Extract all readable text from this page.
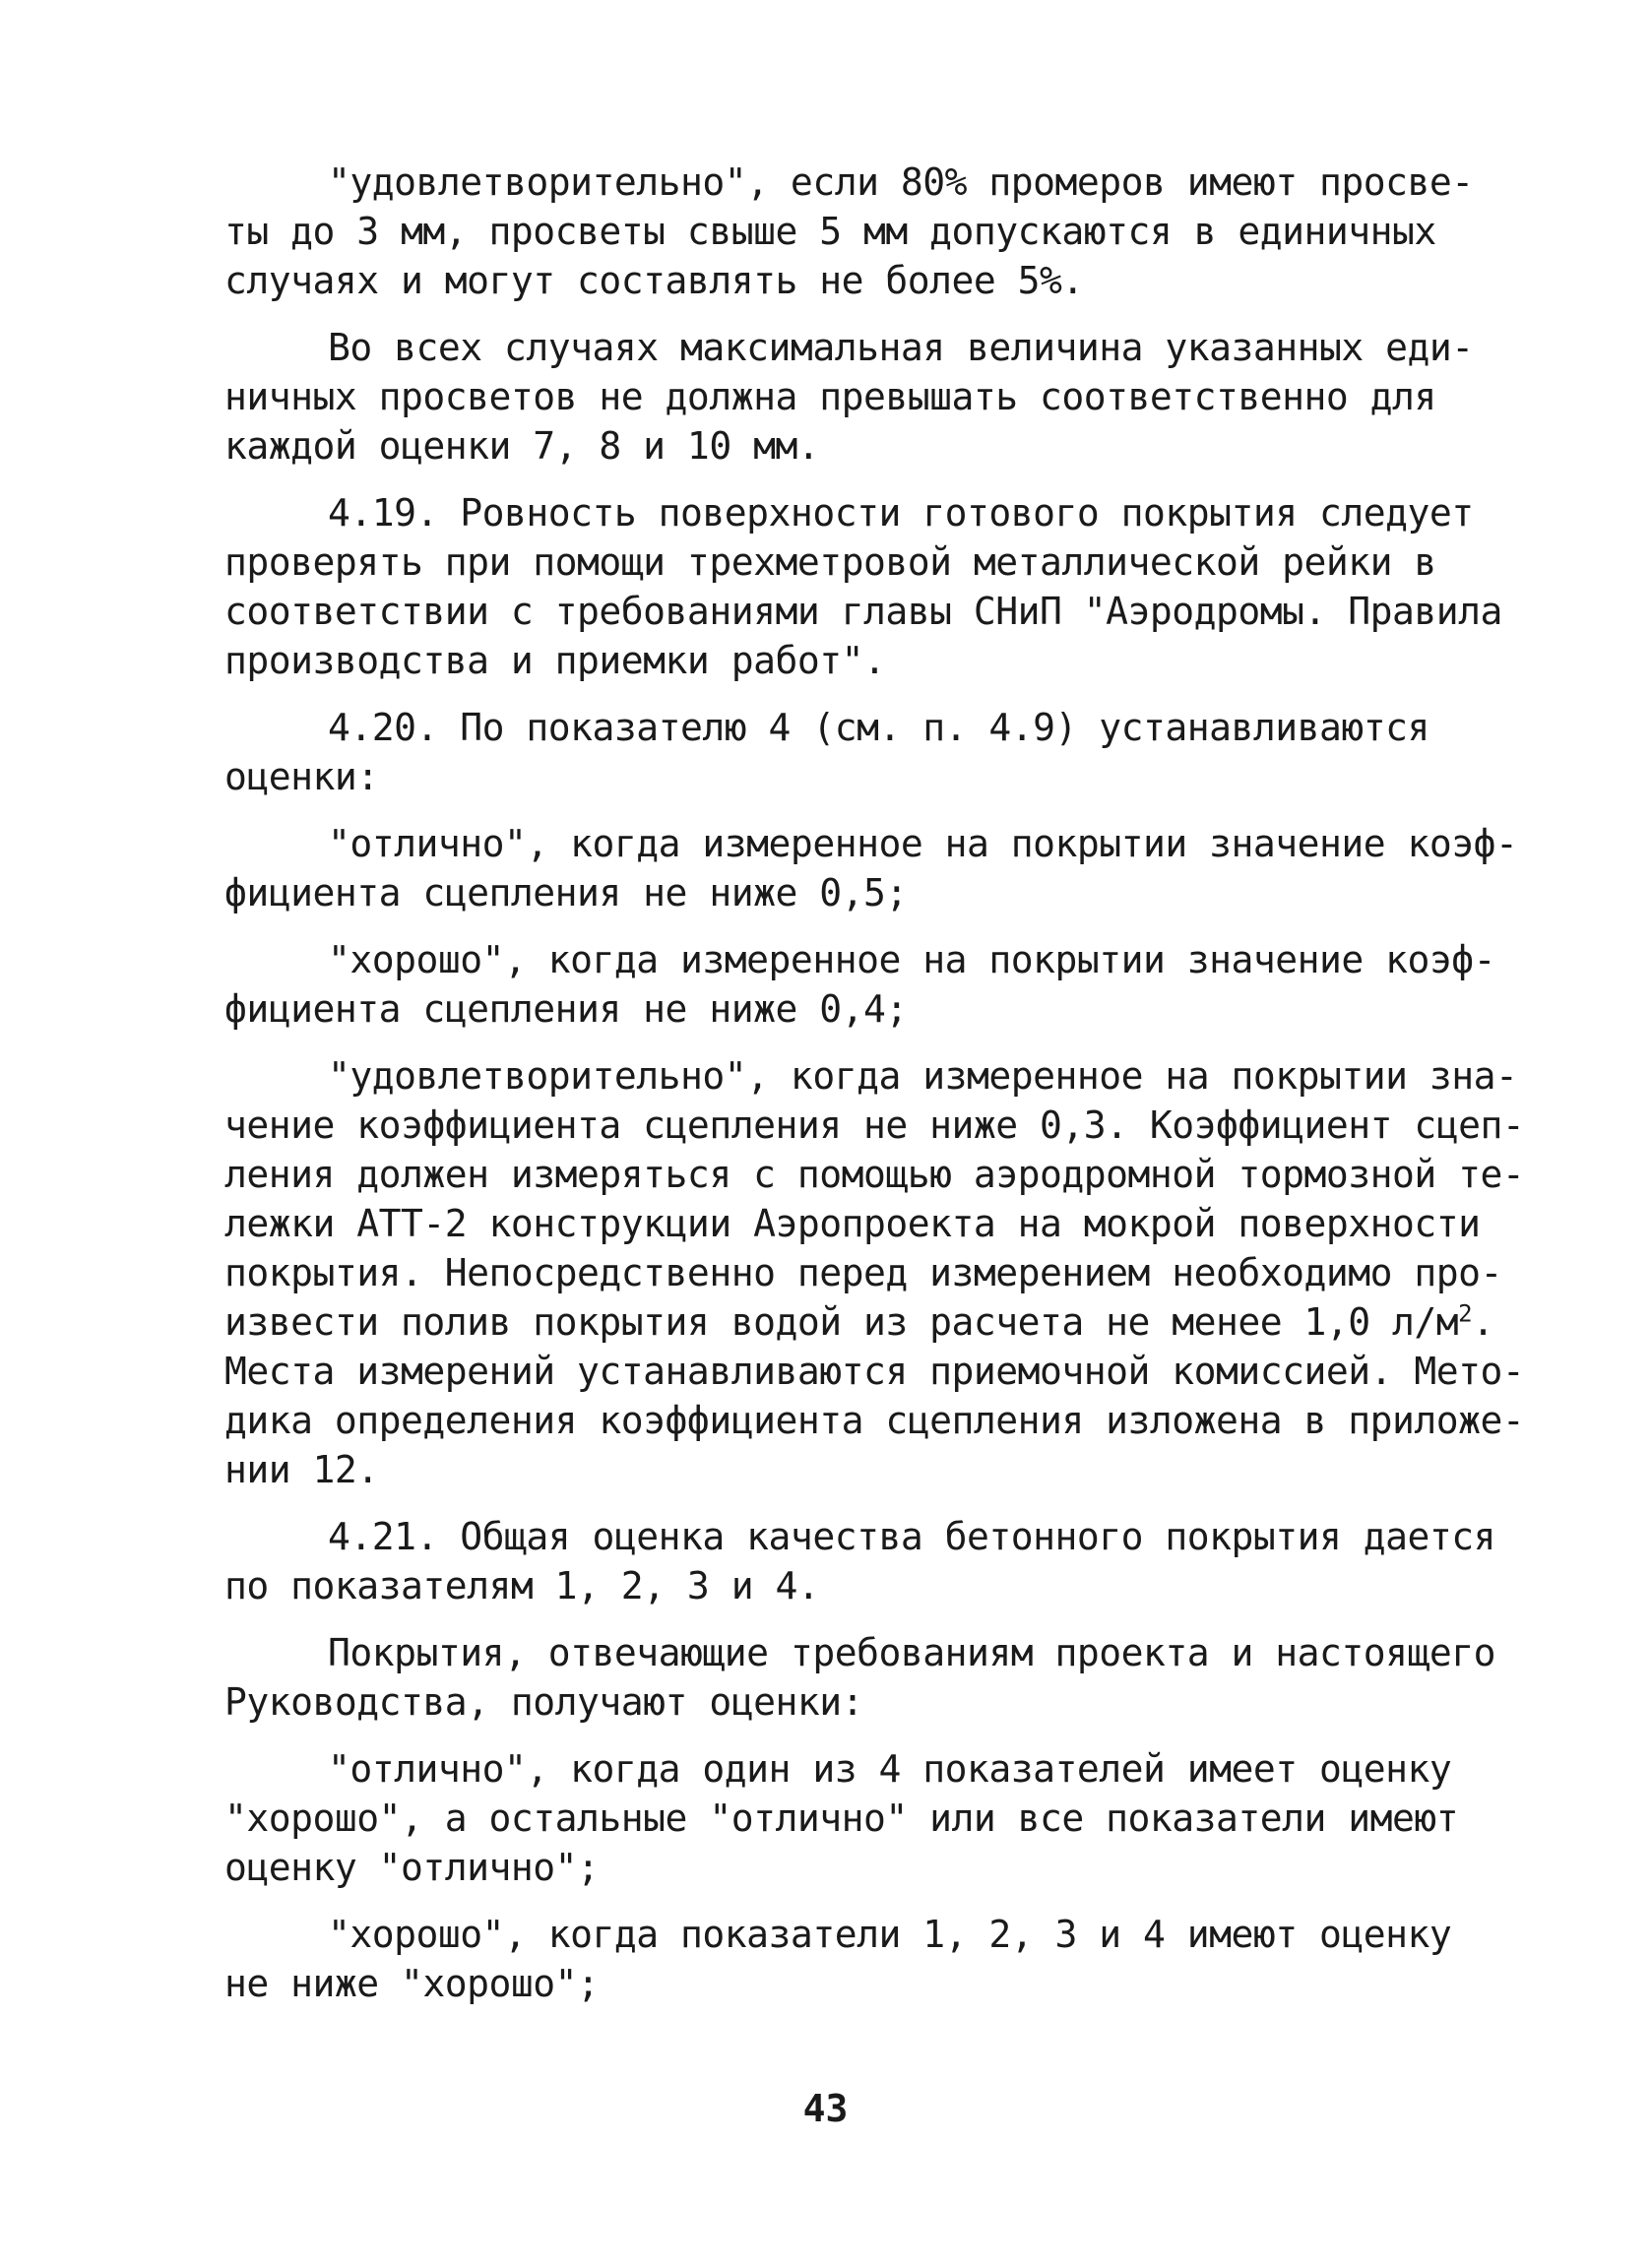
"удовлетворительно", если 80% промеров имеют просве-
ты до 3 мм, просветы свыше 5 мм допускаются в единичных
случаях и могут составлять не более 5%.

Во всех случаях максимальная величина указанных еди-
ничных просветов не должна превышать соответственно для
каждой оценки 7, 8 и 10 мм.

4.19. Ровность поверхности готового покрытия следует
проверять при помощи трехметровой металлической рейки в
соответствии с требованиями главы СНиП "Аэродромы. Правила
производства и приемки работ".

4.20. По показателю 4 (см. п. 4.9) устанавливаются
оценки:

"отлично", когда измеренное на покрытии значение коэф-
фициента сцепления не ниже 0,5;

"хорошо", когда измеренное на покрытии значение коэф-
фициента сцепления не ниже 0,4;

"удовлетворительно", когда измеренное на покрытии зна-
чение коэффициента сцепления не ниже 0,3. Коэффициент сцеп-
ления должен измеряться с помощью аэродромной тормозной те-
лежки АТТ-2 конструкции Аэропроекта на мокрой поверхности
покрытия. Непосредственно перед измерением необходимо про-
извести полив покрытия водой из расчета не менее 1,0 $л/м^2$.
Места измерений устанавливаются приемочной комиссией. Мето-
дика определения коэффициента сцепления изложена в приложе-
нии 12.

4.21. Общая оценка качества бетонного покрытия дается
по показателям 1, 2, 3 и 4.

Покрытия, отвечающие требованиям проекта и настоящего
Руководства, получают оценки:

"отлично", когда один из 4 показателей имеет оценку
"хорошо", а остальные "отлично" или все показатели имеют
оценку "отлично";

"хорошо", когда показатели 1, 2, 3 и 4 имеют оценку
не ниже "хорошо";

43
